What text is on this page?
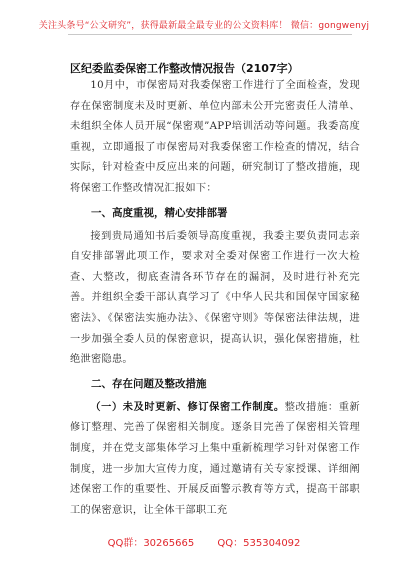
关注头条号“公文研究”，获得最新最全最专业的公文资料库！ 微信：gongwenyj
区纪委监委保密工作整改情况报告（2107字）

10月中，市保密局对我委保密工作进行了全面检查，发现存在保密制度未及时更新、单位内部未公开完密责任人清单、未组织全体人员开展“保密观”APP培训活动等问题。我委高度重视，立即通报了市保密局对我委保密工作检查的情况，结合实际，针对检查中反应出来的问题，研究制订了整改措施，现将保密工作整改情况汇报如下：

一、高度重视，精心安排部署

接到贵局通知书后委领导高度重视，我委主要负责同志亲自安排部署此项工作，要求对全委对保密工作进行一次大检查、大整改，彻底查清各环节存在的漏洞，及时进行补充完善。并组织全委干部认真学习了《中华人民共和国保守国家秘密法》、《保密法实施办法》、《保密守则》等保密法律法规，进一步加强全委人员的保密意识，提高认识，强化保密措施，杜绝泄密隐患。

二、存在问题及整改措施

（一）未及时更新、修订保密工作制度。整改措施：重新修订整理、完善了保密相关制度。逐条目完善了保密相关管理制度，并在党支部集体学习上集中重新梳理学习针对保密工作制度，进一步加大宣传力度，通过邀请有关专家授课、详细阐述保密工作的重要性、开展反面警示教育等方式，提高干部职工的保密意识，让全体干部职工充

QQ群：30265665 QQ：535304092
